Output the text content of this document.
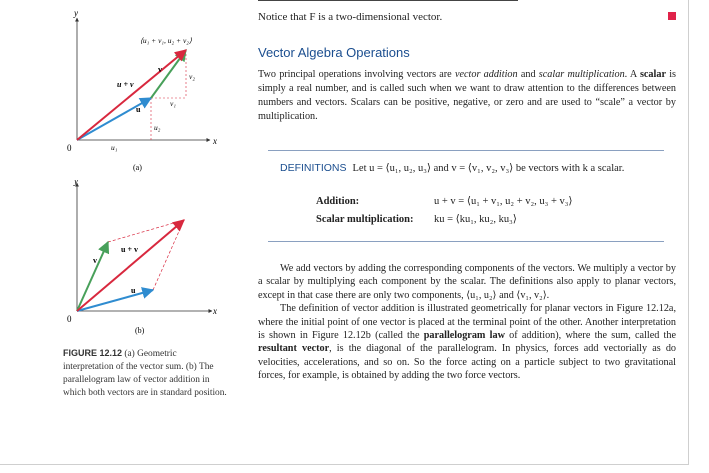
Notice that F is a two-dimensional vector.
Vector Algebra Operations
Two principal operations involving vectors are vector addition and scalar multiplication. A scalar is simply a real number, and is called such when we want to draw attention to the differences between numbers and vectors. Scalars can be positive, negative, or zero and are used to “scale” a vector by multiplication.
DEFINITIONS Let u = ⟨u₁, u₂, u₃⟩ and v = ⟨v₁, v₂, v₃⟩ be vectors with k a scalar.
Addition:	u + v = ⟨u₁ + v₁, u₂ + v₂, u₃ + v₃⟩
Scalar multiplication: ku = ⟨ku₁, ku₂, ku₃⟩

We add vectors by adding the corresponding components of the vectors. We multiply a vector by a scalar by multiplying each component by the scalar. The definitions also apply to planar vectors, except in that case there are only two components, ⟨u₁, u₂⟩ and ⟨v₁, v₂⟩.

The definition of vector addition is illustrated geometrically for planar vectors in Figure 12.12a, where the initial point of one vector is placed at the terminal point of the other. Another interpretation is shown in Figure 12.12b (called the parallelogram law of addition), where the sum, called the resultant vector, is the diagonal of the parallelogram. In physics, forces add vectorially as do velocities, accelerations, and so on. So the force acting on a particle subject to two gravitational forces, for example, is obtained by adding the two force vectors.

x
y
0
⟨u₁ + v₁, u₂ + v₂⟩
u + v
u
v
u₁
u₂
v₁
v₂
(a)
x
y
0
u + v
v
u
(b)
FIGURE 12.12 (a) Geometric interpretation of the vector sum. (b) The parallelogram law of vector addition in which both vectors are in standard position.
